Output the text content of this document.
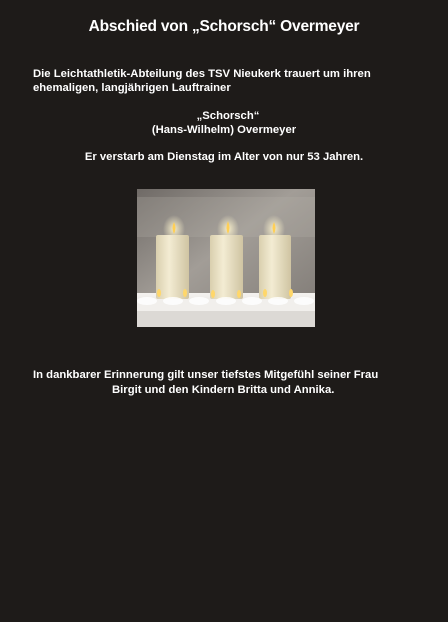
Abschied von „Schorsch“ Overmeyer
Die Leichtathletik-Abteilung des TSV Nieukerk trauert um ihren
ehemaligen, langjährigen Lauftrainer
„Schorsch“
(Hans-Wilhelm) Overmeyer
Er verstarb am Dienstag im Alter von nur 53 Jahren.
In dankbarer Erinnerung gilt unser tiefstes Mitgefühl seiner Frau
Birgit und den Kindern Britta und Annika.
